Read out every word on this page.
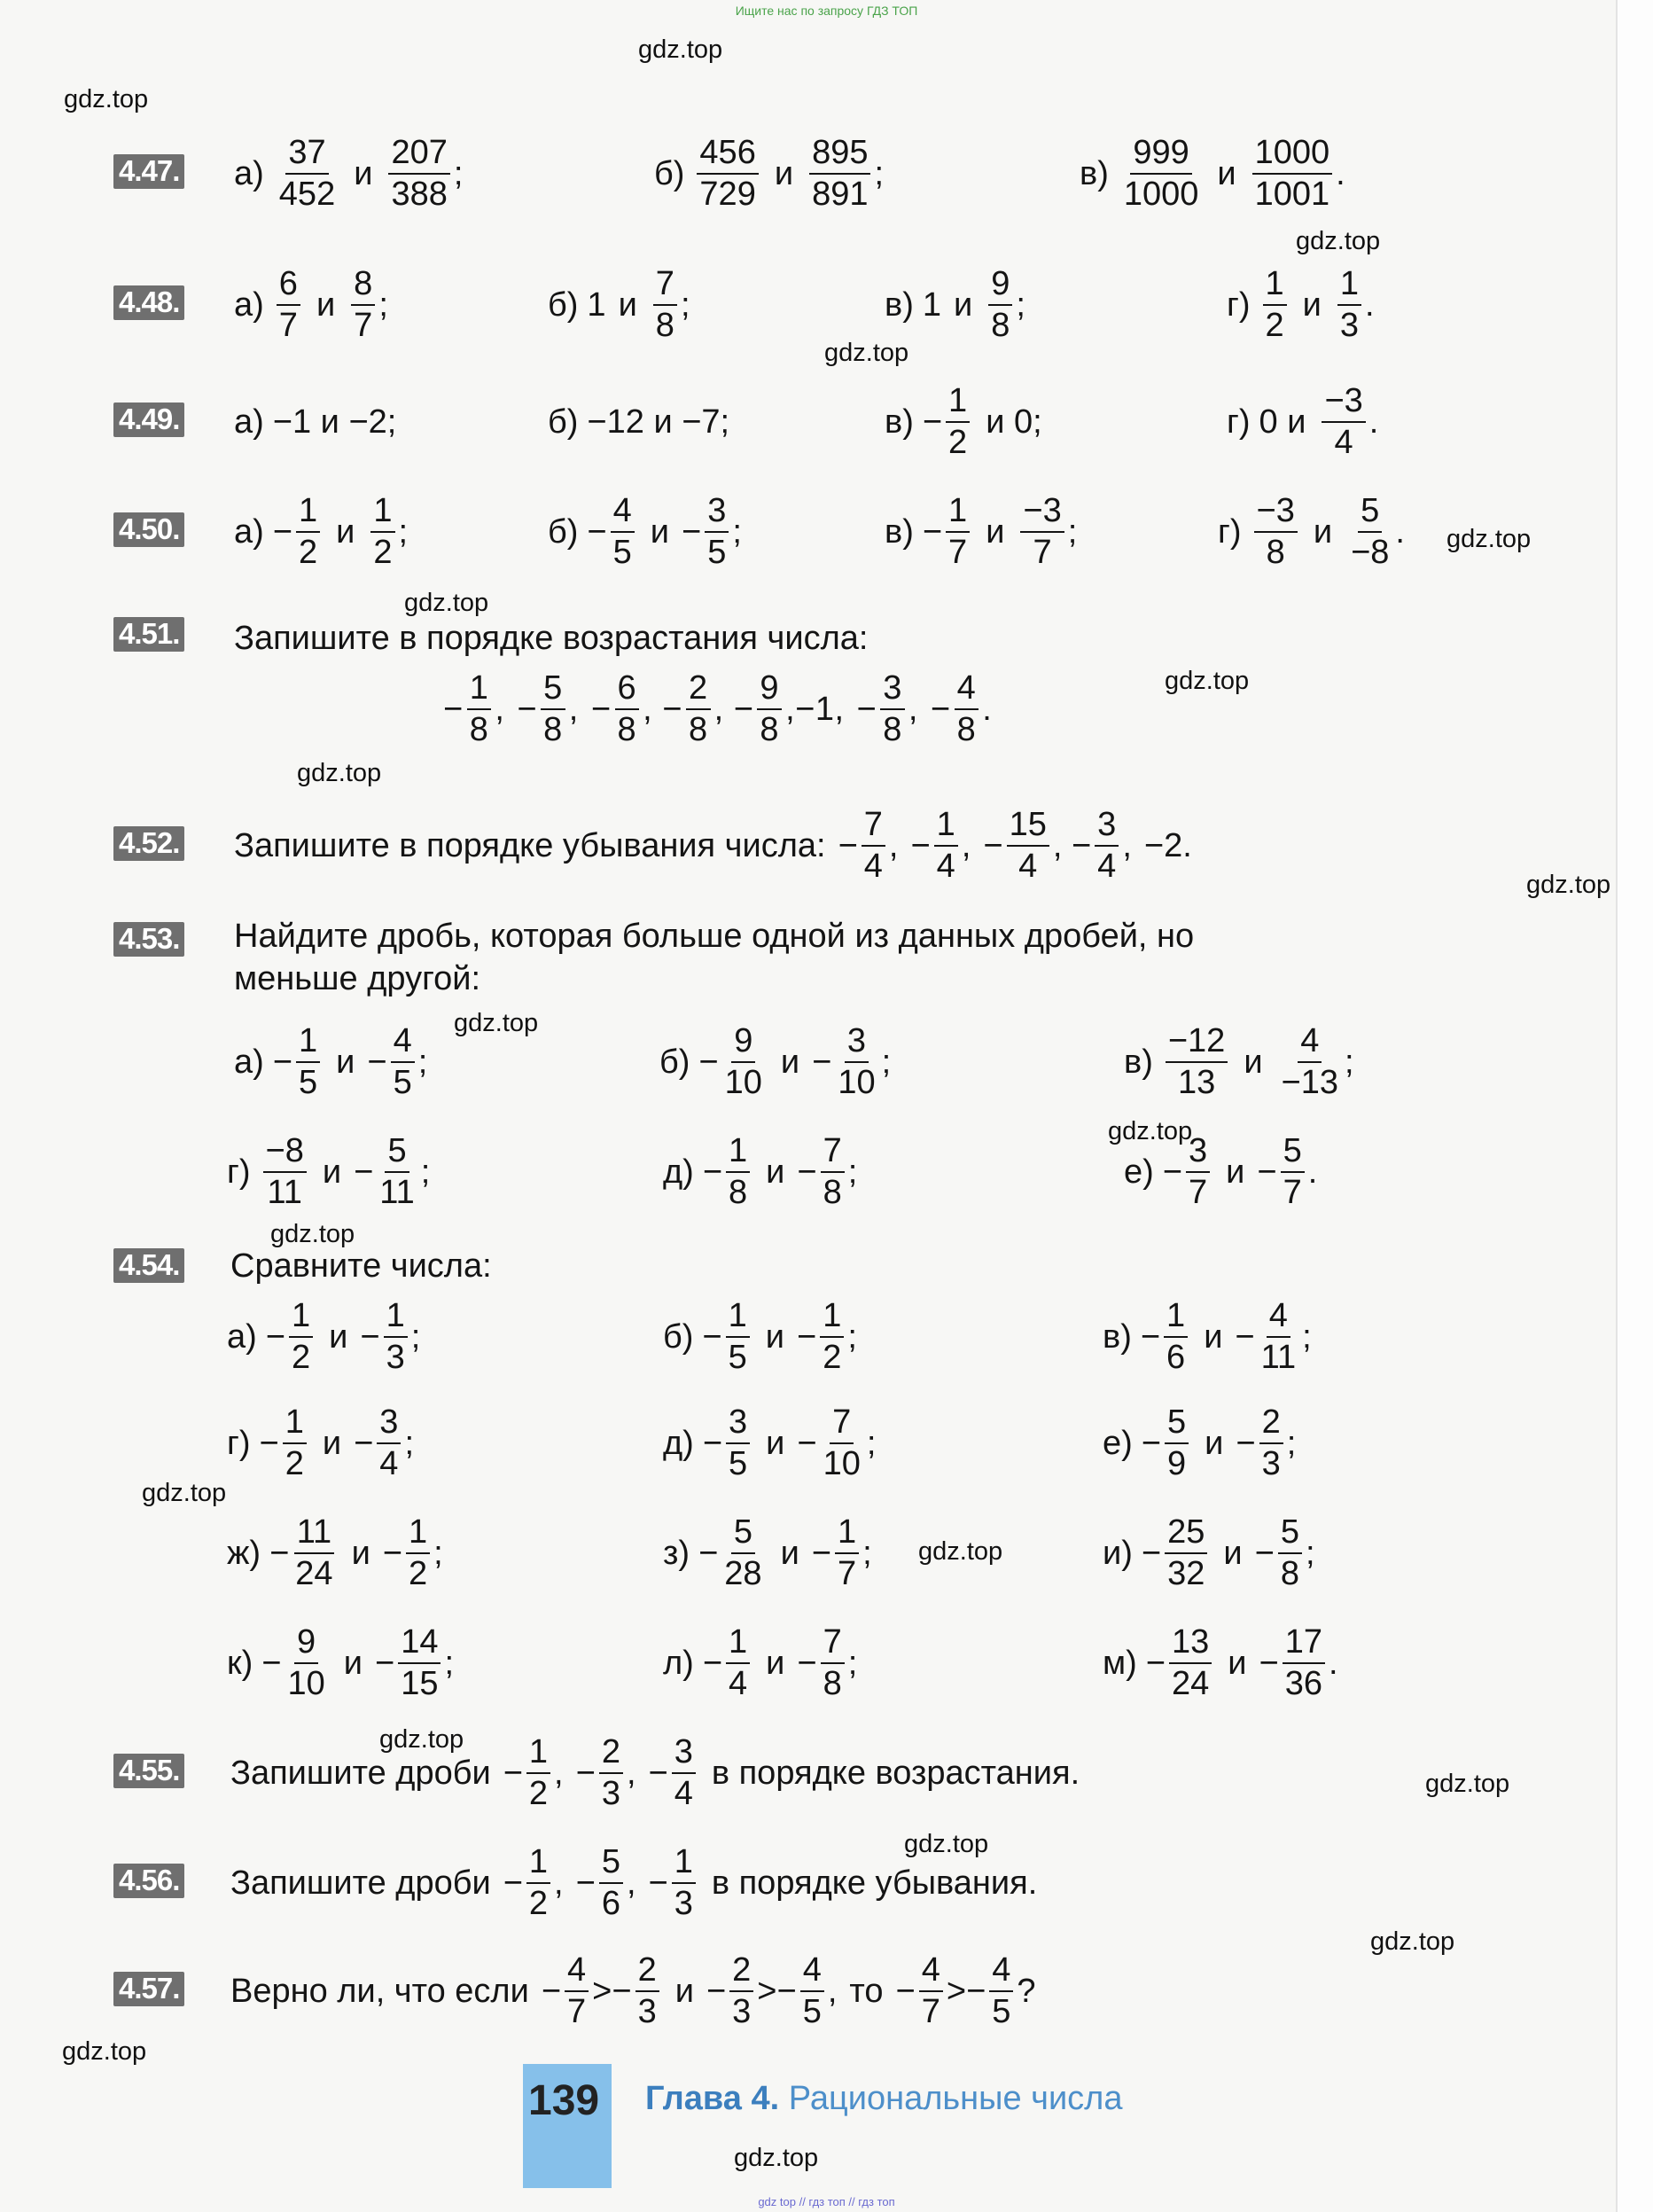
Ищите нас по запросу ГДЗ ТОП
gdz.top
gdz.top
gdz.top
gdz.top
gdz.top
gdz.top
gdz.top
gdz.top
gdz.top
gdz.top
gdz.top
gdz.top
gdz.top
gdz.top
gdz.top
gdz.top
gdz.top
gdz.top
gdz.top
gdz.top
4.47. $а) \frac{37}{452}$ и $\frac{207}{388}$ ;	$б) \frac{456}{729}$ и $\frac{895}{891}$ ;	$в) \frac{999}{1000}$ и $\frac{1000}{1001}$ .
4.48. $а) \frac{6}{7}$ и $\frac{8}{7}$ ;	б) 1 и $\frac{7}{8}$ ;	в) 1 и $\frac{9}{8}$ ;	$г) \frac{1}{2}$ и $\frac{1}{3}$ .
4.49. а) −1 и −2;	б) −12 и −7;	$в) - \frac{1}{2}$ и 0;	г) 0 и $\frac{-3}{4}$ .
4.50. $а) - \frac{1}{2}$ и $\frac{1}{2}$ ;	$б) - \frac{4}{5}$ $и - \frac{3}{5}$ ;	$в) - \frac{1}{7}$ и $\frac{-3}{7}$ ;	$г) \frac{-3}{8}$ и $\frac{5}{-8}$ .
4.51. Запишите в порядке возрастания числа:
− $\frac{1}{8}$ ,
− $\frac{5}{8}$ ,
− $\frac{6}{8}$ , − $\frac{2}{8}$ , − $\frac{9}{8}$ , −1, − $\frac{3}{8}$ ,
− $\frac{4}{8}$ .
4.52. Запишите в порядке убывания числа: − $\frac{7}{4}$ ,
− $\frac{1}{4}$ ,
− $\frac{15}{4}$ , − $\frac{3}{4}$ , −2.
4.53. Найдите дробь, которая больше одной из данных дробей, но
меньше другой:
$а) - \frac{1}{5}$ $и - \frac{4}{5}$ ;	$б) - \frac{9}{10}$ $и - \frac{3}{10}$ ;	$в) \frac{-12}{13}$ и $\frac{4}{-13}$ ;
$г) \frac{-8}{11}$ $и - \frac{5}{11}$ ;	$д) - \frac{1}{8}$ $и - \frac{7}{8}$ ;	$е) - \frac{3}{7}$ $и - \frac{5}{7}$ .
4.54. Сравните числа:
$а) - \frac{1}{2}$ $и - \frac{1}{3}$ ;	$б) - \frac{1}{5}$ $и - \frac{1}{2}$ ;	$в) - \frac{1}{6}$ $и - \frac{4}{11}$ ;
$г) - \frac{1}{2}$ $и - \frac{3}{4}$ ;	$д) - \frac{3}{5}$ $и - \frac{7}{10}$ ;	$е) - \frac{5}{9}$ $и - \frac{2}{3}$ ;
$ж) - \frac{11}{24}$ $и - \frac{1}{2}$ ;	$з) - \frac{5}{28}$ $и - \frac{1}{7}$ ;	$и) - \frac{25}{32}$ $и - \frac{5}{8}$ ;
$к) - \frac{9}{10}$ $и - \frac{14}{15}$ ;	$л) - \frac{1}{4}$ $и - \frac{7}{8}$ ;	$м) - \frac{13}{24}$ $и - \frac{17}{36}$ .
4.55. Запишите дроби − $\frac{1}{2}$ ,
− $\frac{2}{3}$ ,
− $\frac{3}{4}$ в порядке возрастания.
4.56. Запишите дроби − $\frac{1}{2}$ ,
− $\frac{5}{6}$ ,
− $\frac{1}{3}$ в порядке убывания.
4.57. Верно ли, что если − $\frac{4}{7}$ > − $\frac{2}{3}$ $и - \frac{2}{3}$ > − $\frac{4}{5}$ , то − $\frac{4}{7}$ > − $\frac{4}{5}$ ?
139 Глава 4. Рациональные числа
gdz top // гдз топ // гдз топ
